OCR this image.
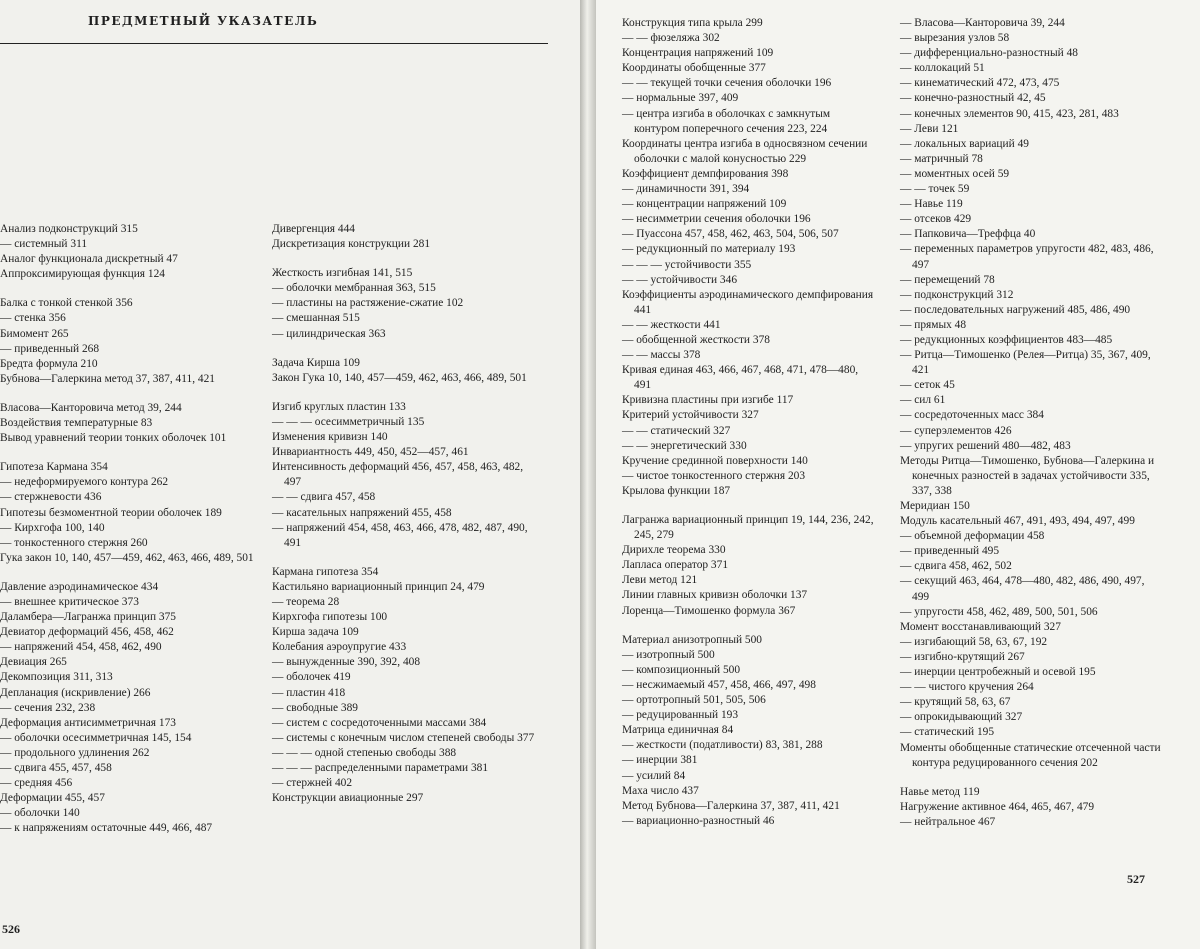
ПРЕДМЕТНЫЙ УКАЗАТЕЛЬ
Анализ подконструкций 315
— системный 311
Аналог функционала дискретный 47
Аппроксимирующая функция 124
Балка с тонкой стенкой 356
— стенка 356
Бимомент 265
— приведенный 268
Бредта формула 210
Бубнова—Галеркина метод 37, 387, 411, 421
Власова—Канторовича метод 39, 244
Воздействия температурные 83
Вывод уравнений теории тонких оболочек 101
Гипотеза Кармана 354
— недеформируемого контура 262
— стержневости 436
Гипотезы безмоментной теории оболочек 189
— Кирхгофа 100, 140
— тонкостенного стержня 260
Гука закон 10, 140, 457—459, 462, 463, 466, 489, 501
Давление аэродинамическое 434
— внешнее критическое 373
Даламбера—Лагранжа принцип 375
Девиатор деформаций 456, 458, 462
— напряжений 454, 458, 462, 490
Девиация 265
Декомпозиция 311, 313
Депланация (искривление) 266
— сечения 232, 238
Деформация антисимметричная 173
— оболочки осесимметричная 145, 154
— продольного удлинения 262
— сдвига 455, 457, 458
— средняя 456
Деформации 455, 457
— оболочки 140
— к напряжениям остаточные 449, 466, 487
Дивергенция 444
Дискретизация конструкции 281
Жесткость изгибная 141, 515
— оболочки мембранная 363, 515
— пластины на растяжение-сжатие 102
— смешанная 515
— цилиндрическая 363
Задача Кирша 109
Закон Гука 10, 140, 457—459, 462, 463, 466, 489, 501
Изгиб круглых пластин 133
— — — осесимметричный 135
Изменения кривизн 140
Инвариантность 449, 450, 452—457, 461
Интенсивность деформаций 456, 457, 458, 463, 482, 497
— — сдвига 457, 458
— касательных напряжений 455, 458
— напряжений 454, 458, 463, 466, 478, 482, 487, 490, 491
Кармана гипотеза 354
Кастильяно вариационный принцип 24, 479
— теорема 28
Кирхгофа гипотезы 100
Кирша задача 109
Колебания аэроупругие 433
— вынужденные 390, 392, 408
— оболочек 419
— пластин 418
— свободные 389
— систем с сосредоточенными массами 384
— системы с конечным числом степеней свободы 377
— — — одной степенью свободы 388
— — — распределенными параметрами 381
— стержней 402
Конструкции авиационные 297
526
Конструкция типа крыла 299
— — фюзеляжа 302
Концентрация напряжений 109
Координаты обобщенные 377
— — текущей точки сечения оболочки 196
— нормальные 397, 409
— центра изгиба в оболочках с замкнутым контуром поперечного сечения 223, 224
Координаты центра изгиба в односвязном сечении оболочки с малой конусностью 229
Коэффициент демпфирования 398
— динамичности 391, 394
— концентрации напряжений 109
— несимметрии сечения оболочки 196
— Пуассона 457, 458, 462, 463, 504, 506, 507
— редукционный по материалу 193
— — — устойчивости 355
— — устойчивости 346
Коэффициенты аэродинамического демпфирования 441
— — жесткости 441
— обобщенной жесткости 378
— — массы 378
Кривая единая 463, 466, 467, 468, 471, 478—480, 491
Кривизна пластины при изгибе 117
Критерий устойчивости 327
— — статический 327
— — энергетический 330
Кручение срединной поверхности 140
— чистое тонкостенного стержня 203
Крылова функции 187
Лагранжа вариационный принцип 19, 144, 236, 242, 245, 279
Дирихле теорема 330
Лапласа оператор 371
Леви метод 121
Линии главных кривизн оболочки 137
Лоренца—Тимошенко формула 367
Материал анизотропный 500
— изотропный 500
— композиционный 500
— несжимаемый 457, 458, 466, 497, 498
— ортотропный 501, 505, 506
— редуцированный 193
Матрица единичная 84
— жесткости (податливости) 83, 381, 288
— инерции 381
— усилий 84
Маха число 437
Метод Бубнова—Галеркина 37, 387, 411, 421
— вариационно-разностный 46
— Власова—Канторовича 39, 244
— вырезания узлов 58
— дифференциально-разностный 48
— коллокаций 51
— кинематический 472, 473, 475
— конечно-разностный 42, 45
— конечных элементов 90, 415, 423, 281, 483
— Леви 121
— локальных вариаций 49
— матричный 78
— моментных осей 59
— — точек 59
— Навье 119
— отсеков 429
— Папковича—Треффца 40
— переменных параметров упругости 482, 483, 486, 497
— перемещений 78
— подконструкций 312
— последовательных нагружений 485, 486, 490
— прямых 48
— редукционных коэффициентов 483—485
— Ритца—Тимошенко (Релея—Ритца) 35, 367, 409, 421
— сеток 45
— сил 61
— сосредоточенных масс 384
— суперэлементов 426
— упругих решений 480—482, 483
Методы Ритца—Тимошенко, Бубнова—Галеркина и конечных разностей в задачах устойчивости 335, 337, 338
Меридиан 150
Модуль касательный 467, 491, 493, 494, 497, 499
— объемной деформации 458
— приведенный 495
— сдвига 458, 462, 502
— секущий 463, 464, 478—480, 482, 486, 490, 497, 499
— упругости 458, 462, 489, 500, 501, 506
Момент восстанавливающий 327
— изгибающий 58, 63, 67, 192
— изгибно-крутящий 267
— инерции центробежный и осевой 195
— — чистого кручения 264
— крутящий 58, 63, 67
— опрокидывающий 327
— статический 195
Моменты обобщенные статические отсеченной части контура редуцированного сечения 202
Навье метод 119
Нагружение активное 464, 465, 467, 479
— нейтральное 467
527
